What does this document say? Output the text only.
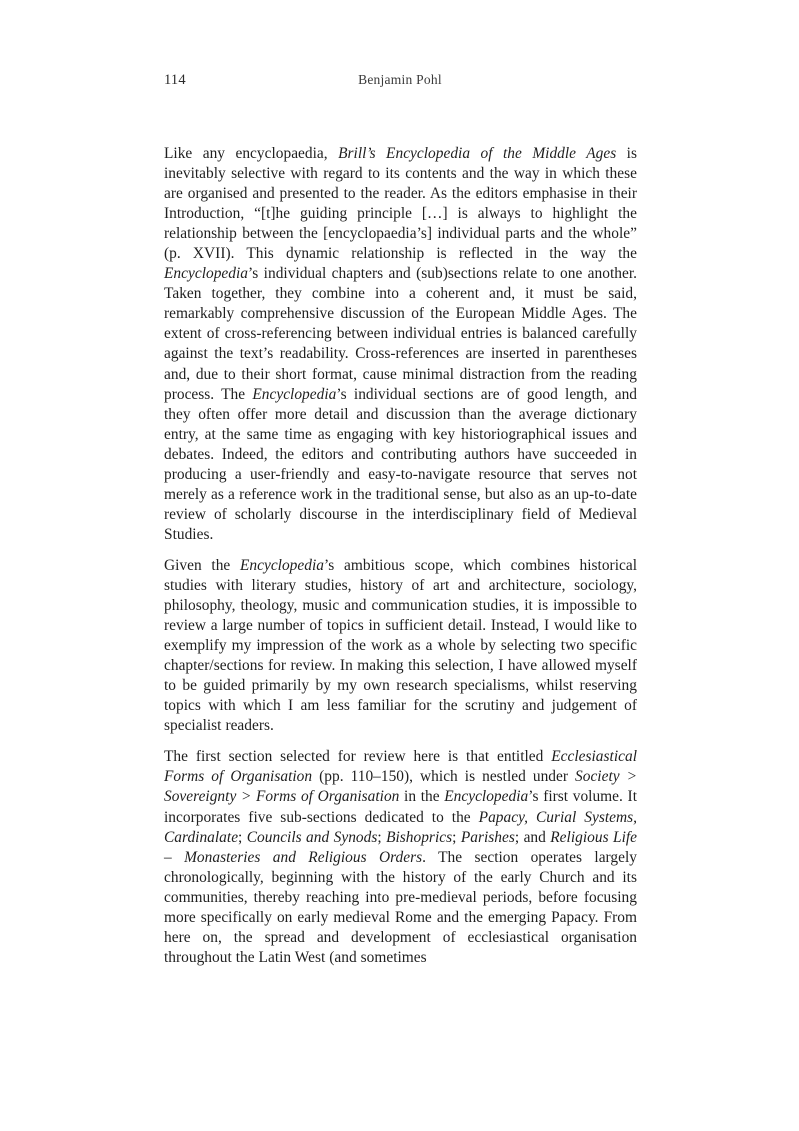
114	Benjamin Pohl

Like any encyclopaedia, Brill’s Encyclopedia of the Middle Ages is inevitably selective with regard to its contents and the way in which these are organised and presented to the reader. As the editors emphasise in their Introduction, “[t]he guiding principle […] is always to highlight the relationship between the [encyclopaedia’s] individual parts and the whole” (p. XVII). This dynamic relationship is reflected in the way the Encyclopedia’s individual chapters and (sub)sections relate to one another. Taken together, they combine into a coherent and, it must be said, remarkably comprehensive discussion of the European Middle Ages. The extent of cross-referencing between individual entries is balanced carefully against the text’s readability. Cross-references are inserted in parentheses and, due to their short format, cause minimal distraction from the reading process. The Encyclopedia’s individual sections are of good length, and they often offer more detail and discussion than the average dictionary entry, at the same time as engaging with key historiographical issues and debates. Indeed, the editors and contributing authors have succeeded in producing a user-friendly and easy-to-navigate resource that serves not merely as a reference work in the traditional sense, but also as an up-to-date review of scholarly discourse in the interdisciplinary field of Medieval Studies.

Given the Encyclopedia’s ambitious scope, which combines historical studies with literary studies, history of art and architecture, sociology, philosophy, theology, music and communication studies, it is impossible to review a large number of topics in sufficient detail. Instead, I would like to exemplify my impression of the work as a whole by selecting two specific chapter/sections for review. In making this selection, I have allowed myself to be guided primarily by my own research specialisms, whilst reserving topics with which I am less familiar for the scrutiny and judgement of specialist readers.

The first section selected for review here is that entitled Ecclesiastical Forms of Organisation (pp. 110–150), which is nestled under Society > Sovereignty > Forms of Organisation in the Encyclopedia’s first volume. It incorporates five sub-sections dedicated to the Papacy, Curial Systems, Cardinalate; Councils and Synods; Bishoprics; Parishes; and Religious Life – Monasteries and Religious Orders. The section operates largely chronologically, beginning with the history of the early Church and its communities, thereby reaching into pre-medieval periods, before focusing more specifically on early medieval Rome and the emerging Papacy. From here on, the spread and development of ecclesiastical organisation throughout the Latin West (and sometimes
